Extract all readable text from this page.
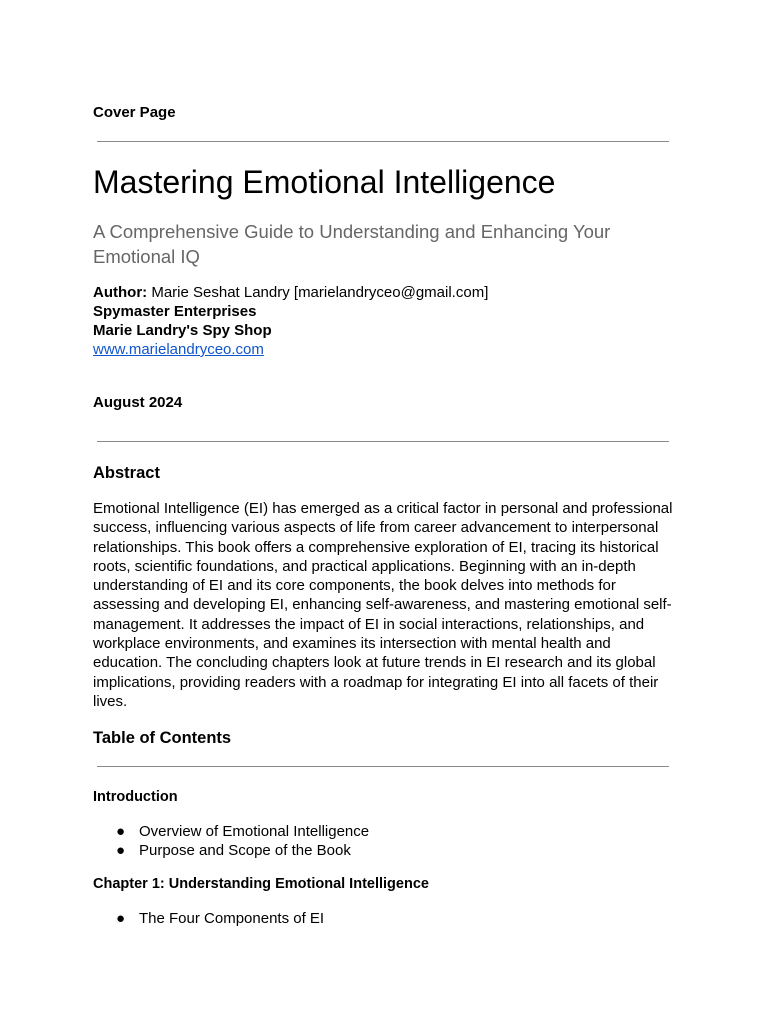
Cover Page
Mastering Emotional Intelligence

A Comprehensive Guide to Understanding and Enhancing Your Emotional IQ

Author: Marie Seshat Landry [marielandryceo@gmail.com]
Spymaster Enterprises
Marie Landry's Spy Shop
www.marielandryceo.com
August 2024
Abstract

Emotional Intelligence (EI) has emerged as a critical factor in personal and professional success, influencing various aspects of life from career advancement to interpersonal relationships. This book offers a comprehensive exploration of EI, tracing its historical roots, scientific foundations, and practical applications. Beginning with an in-depth understanding of EI and its core components, the book delves into methods for assessing and developing EI, enhancing self-awareness, and mastering emotional self-management. It addresses the impact of EI in social interactions, relationships, and workplace environments, and examines its intersection with mental health and education. The concluding chapters look at future trends in EI research and its global implications, providing readers with a roadmap for integrating EI into all facets of their lives.

Table of Contents
Introduction
● Overview of Emotional Intelligence
● Purpose and Scope of the Book
Chapter 1: Understanding Emotional Intelligence
● The Four Components of EI
